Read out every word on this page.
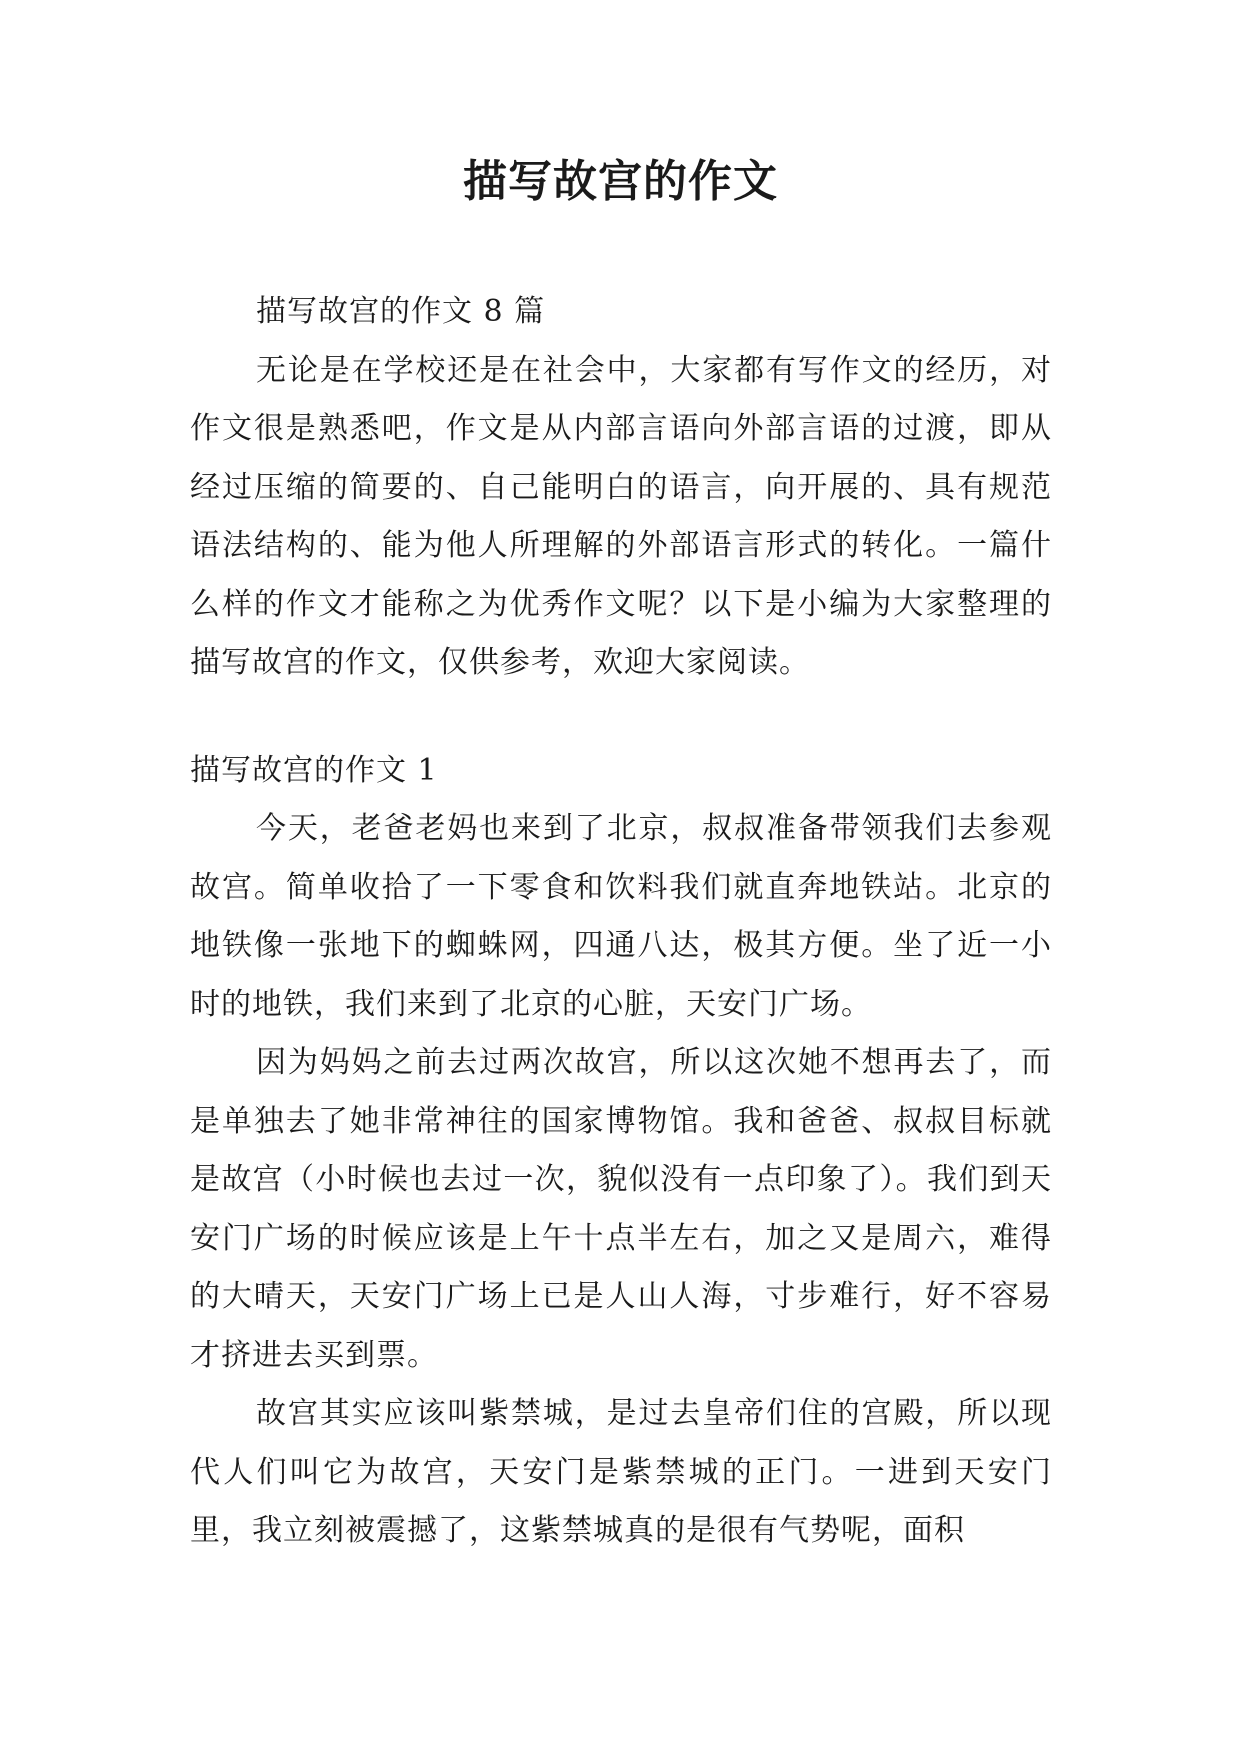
描写故宫的作文

描写故宫的作文 8 篇

无论是在学校还是在社会中，大家都有写作文的经历，对作文很是熟悉吧，作文是从内部言语向外部言语的过渡，即从经过压缩的简要的、自己能明白的语言，向开展的、具有规范语法结构的、能为他人所理解的外部语言形式的转化。一篇什么样的作文才能称之为优秀作文呢？以下是小编为大家整理的描写故宫的作文，仅供参考，欢迎大家阅读。

描写故宫的作文 1

今天，老爸老妈也来到了北京，叔叔准备带领我们去参观故宫。简单收拾了一下零食和饮料我们就直奔地铁站。北京的地铁像一张地下的蜘蛛网，四通八达，极其方便。坐了近一小时的地铁，我们来到了北京的心脏，天安门广场。

因为妈妈之前去过两次故宫，所以这次她不想再去了，而是单独去了她非常神往的国家博物馆。我和爸爸、叔叔目标就是故宫（小时候也去过一次，貌似没有一点印象了）。我们到天安门广场的时候应该是上午十点半左右，加之又是周六，难得的大晴天，天安门广场上已是人山人海，寸步难行，好不容易才挤进去买到票。

故宫其实应该叫紫禁城，是过去皇帝们住的宫殿，所以现代人们叫它为故宫，天安门是紫禁城的正门。一进到天安门里，我立刻被震撼了，这紫禁城真的是很有气势呢，面积
